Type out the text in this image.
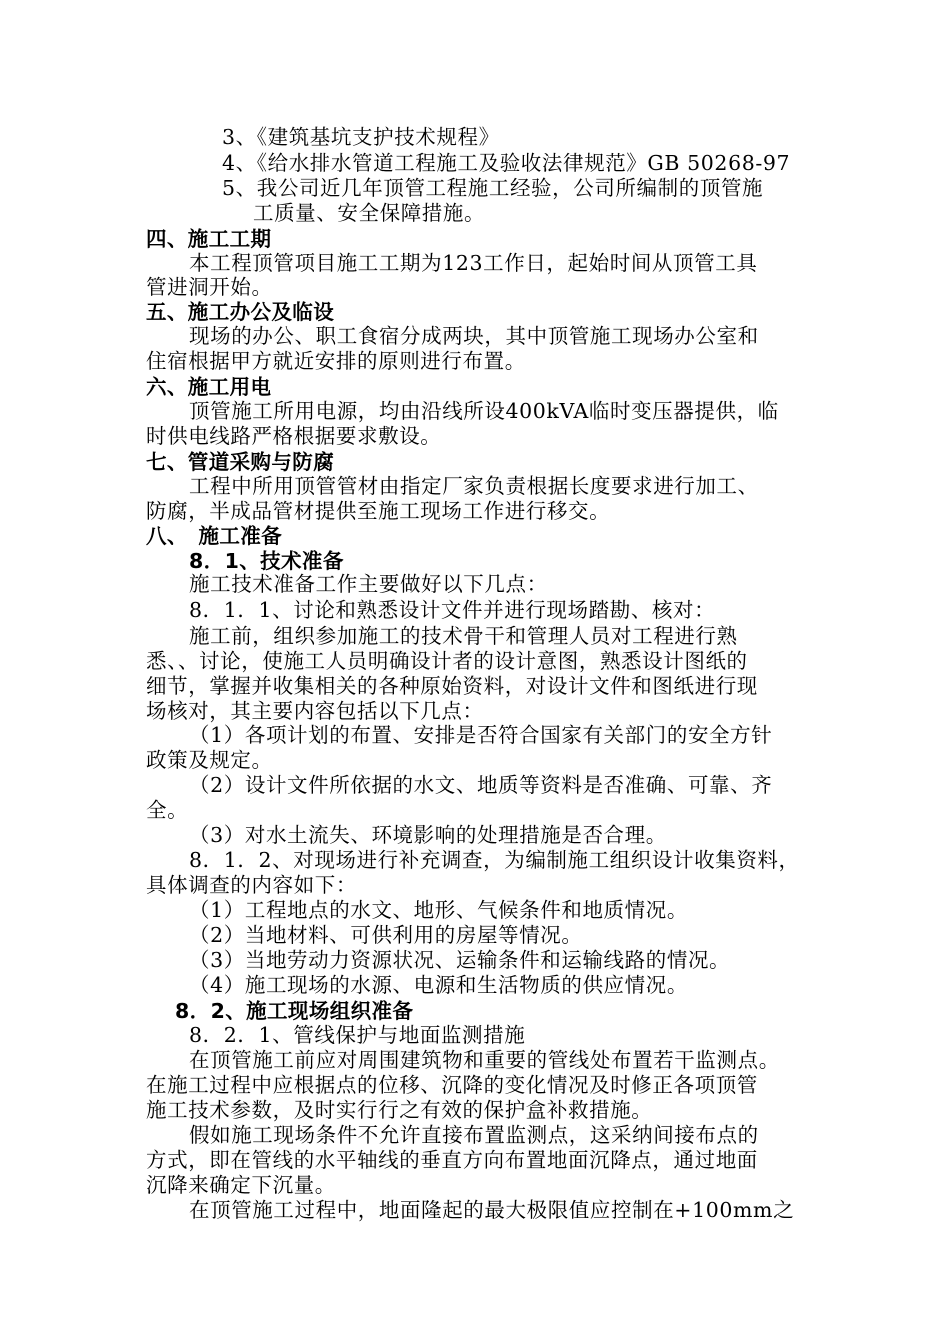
3、《建筑基坑支护技术规程》
4、《给水排水管道工程施工及验收法律规范》GB 50268-97
5、我公司近几年顶管工程施工经验，公司所编制的顶管施
工质量、安全保障措施。
四、施工工期
本工程顶管项目施工工期为123工作日，起始时间从顶管工具
管进洞开始。
五、施工办公及临设
现场的办公、职工食宿分成两块，其中顶管施工现场办公室和
住宿根据甲方就近安排的原则进行布置。
六、施工用电
顶管施工所用电源，均由沿线所设400kVA临时变压器提供，临
时供电线路严格根据要求敷设。
七、管道采购与防腐
工程中所用顶管管材由指定厂家负责根据长度要求进行加工、
防腐，半成品管材提供至施工现场工作进行移交。
八、　施工准备
8．1、技术准备
施工技术准备工作主要做好以下几点：
8．1．1、讨论和熟悉设计文件并进行现场踏勘、核对：
施工前，组织参加施工的技术骨干和管理人员对工程进行熟
悉、、讨论，使施工人员明确设计者的设计意图，熟悉设计图纸的
细节，掌握并收集相关的各种原始资料，对设计文件和图纸进行现
场核对，其主要内容包括以下几点：
（1）各项计划的布置、安排是否符合国家有关部门的安全方针
政策及规定。
（2）设计文件所依据的水文、地质等资料是否准确、可靠、齐
全。
（3）对水土流失、环境影响的处理措施是否合理。
8．1．2、对现场进行补充调查，为编制施工组织设计收集资料，
具体调查的内容如下：
（1）工程地点的水文、地形、气候条件和地质情况。
（2）当地材料、可供利用的房屋等情况。
（3）当地劳动力资源状况、运输条件和运输线路的情况。
（4）施工现场的水源、电源和生活物质的供应情况。
8．2、施工现场组织准备
8．2．1、管线保护与地面监测措施
在顶管施工前应对周围建筑物和重要的管线处布置若干监测点。
在施工过程中应根据点的位移、沉降的变化情况及时修正各项顶管
施工技术参数，及时实行行之有效的保护盒补救措施。
假如施工现场条件不允许直接布置监测点，这采纳间接布点的
方式，即在管线的水平轴线的垂直方向布置地面沉降点，通过地面
沉降来确定下沉量。
在顶管施工过程中，地面隆起的最大极限值应控制在+100mm之
